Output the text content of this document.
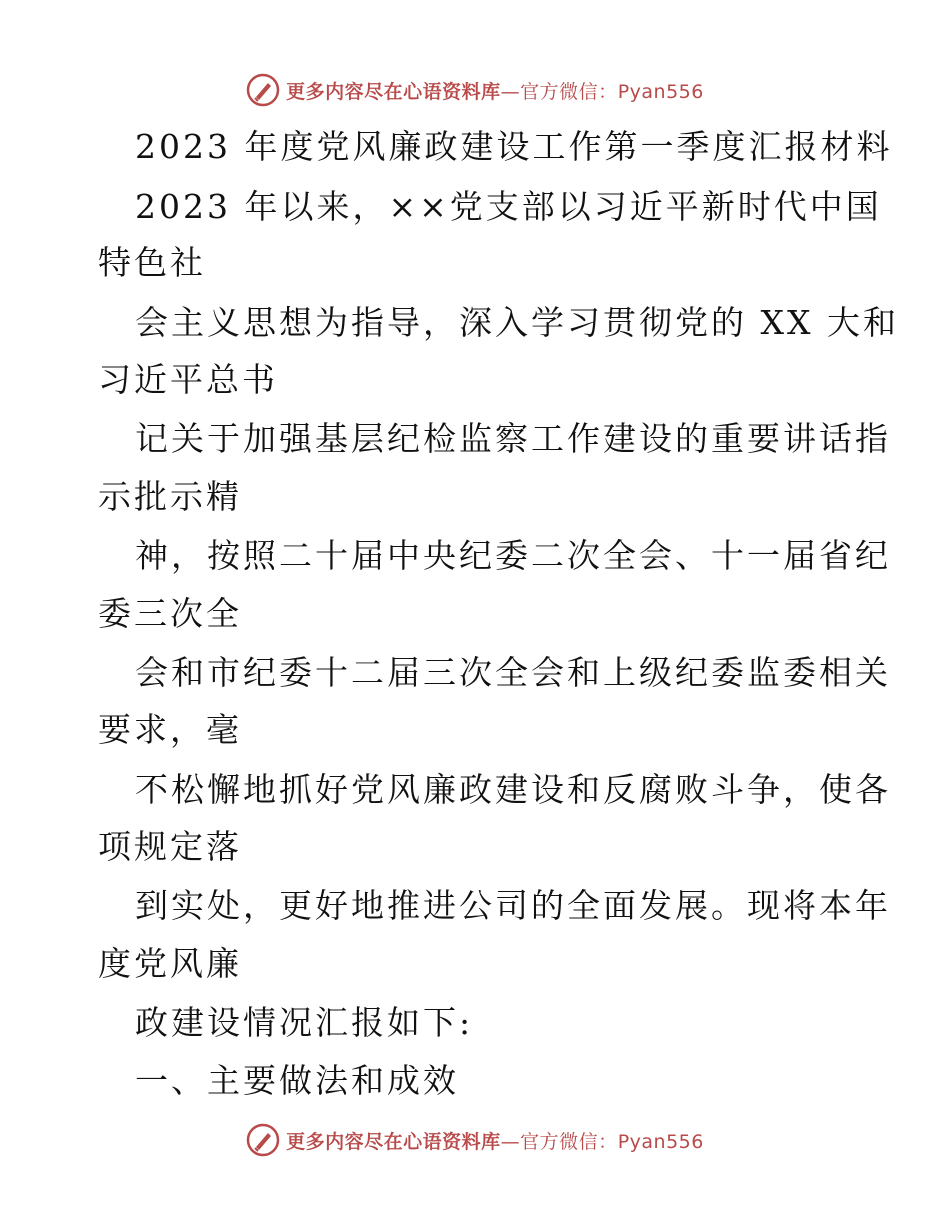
更多内容尽在心语资料库—官方微信：Pyan556
2023 年度党风廉政建设工作第一季度汇报材料
2023 年以来，××党支部以习近平新时代中国
特色社
会主义思想为指导，深入学习贯彻党的 XX 大和
习近平总书
记关于加强基层纪检监察工作建设的重要讲话指
示批示精
神，按照二十届中央纪委二次全会、十一届省纪
委三次全
会和市纪委十二届三次全会和上级纪委监委相关
要求，毫
不松懈地抓好党风廉政建设和反腐败斗争，使各
项规定落
到实处，更好地推进公司的全面发展。现将本年
度党风廉
政建设情况汇报如下:
一、主要做法和成效
更多内容尽在心语资料库—官方微信：Pyan556
